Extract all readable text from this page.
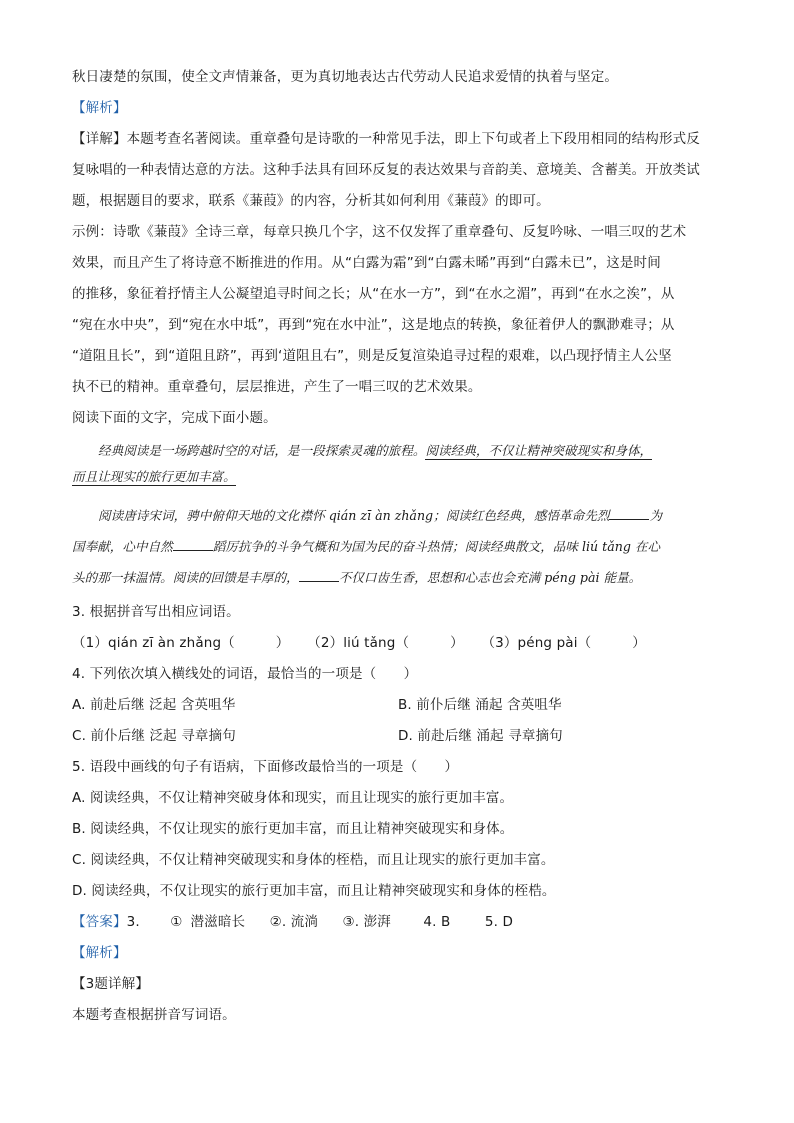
秋日凄楚的氛围，使全文声情兼备，更为真切地表达古代劳动人民追求爱情的执着与坚定。
【解析】
【详解】本题考查名著阅读。重章叠句是诗歌的一种常见手法，即上下句或者上下段用相同的结构形式反
复咏唱的一种表情达意的方法。这种手法具有回环反复的表达效果与音韵美、意境美、含蓄美。开放类试
题，根据题目的要求，联系《蒹葭》的内容，分析其如何利用《蒹葭》的即可。
示例：诗歌《蒹葭》全诗三章，每章只换几个字，这不仅发挥了重章叠句、反复吟咏、一唱三叹的艺术
效果，而且产生了将诗意不断推进的作用。从“白露为霜”到“白露未晞”再到“白露未已”，这是时间
的推移，象征着抒情主人公凝望追寻时间之长；从“在水一方”，到“在水之湄”，再到“在水之涘”，从
“宛在水中央”，到“宛在水中坻”，再到“宛在水中沚”，这是地点的转换，象征着伊人的飘渺难寻；从
“道阻且长”，到“道阻且跻”，再到‘道阻且右”，则是反复渲染追寻过程的艰难，以凸现抒情主人公坚
执不已的精神。重章叠句，层层推进，产生了一唱三叹的艺术效果。
阅读下面的文字，完成下面小题。
经典阅读是一场跨越时空的对话，是一段探索灵魂的旅程。阅读经典，不仅让精神突破现实和身体，
而且让现实的旅行更加丰富。
阅读唐诗宋词，骋中俯仰天地的文化襟怀 qián zī àn zhǎng；阅读红色经典，感悟革命先烈	为
国奉献，心中自然	蹈厉抗争的斗争气概和为国为民的奋斗热情；阅读经典散文，品味 liú tǎng 在心
头的那一抹温情。阅读的回馈是丰厚的，	不仅口齿生香，思想和心志也会充满 péng pài 能量。
3. 根据拼音写出相应词语。
（1）qián zī àn zhǎng（　　　） （2）liú tǎng（　　　） （3）péng pài（　　　）
4. 下列依次填入横线处的词语，最恰当的一项是（　　）
A. 前赴后继 泛起 含英咀华	B. 前仆后继 涌起 含英咀华
C. 前仆后继 泛起 寻章摘句	D. 前赴后继 涌起 寻章摘句
5. 语段中画线的句子有语病，下面修改最恰当的一项是（　　）
A. 阅读经典，不仅让精神突破身体和现实，而且让现实的旅行更加丰富。
B. 阅读经典，不仅让现实的旅行更加丰富，而且让精神突破现实和身体。
C. 阅读经典，不仅让精神突破现实和身体的桎梏，而且让现实的旅行更加丰富。
D. 阅读经典，不仅让现实的旅行更加丰富，而且让精神突破现实和身体的桎梏。
【答案】3. ① 潜滋暗长 ②. 流淌 ③. 澎湃 4. B	5. D
【解析】
【3题详解】
本题考查根据拼音写词语。
